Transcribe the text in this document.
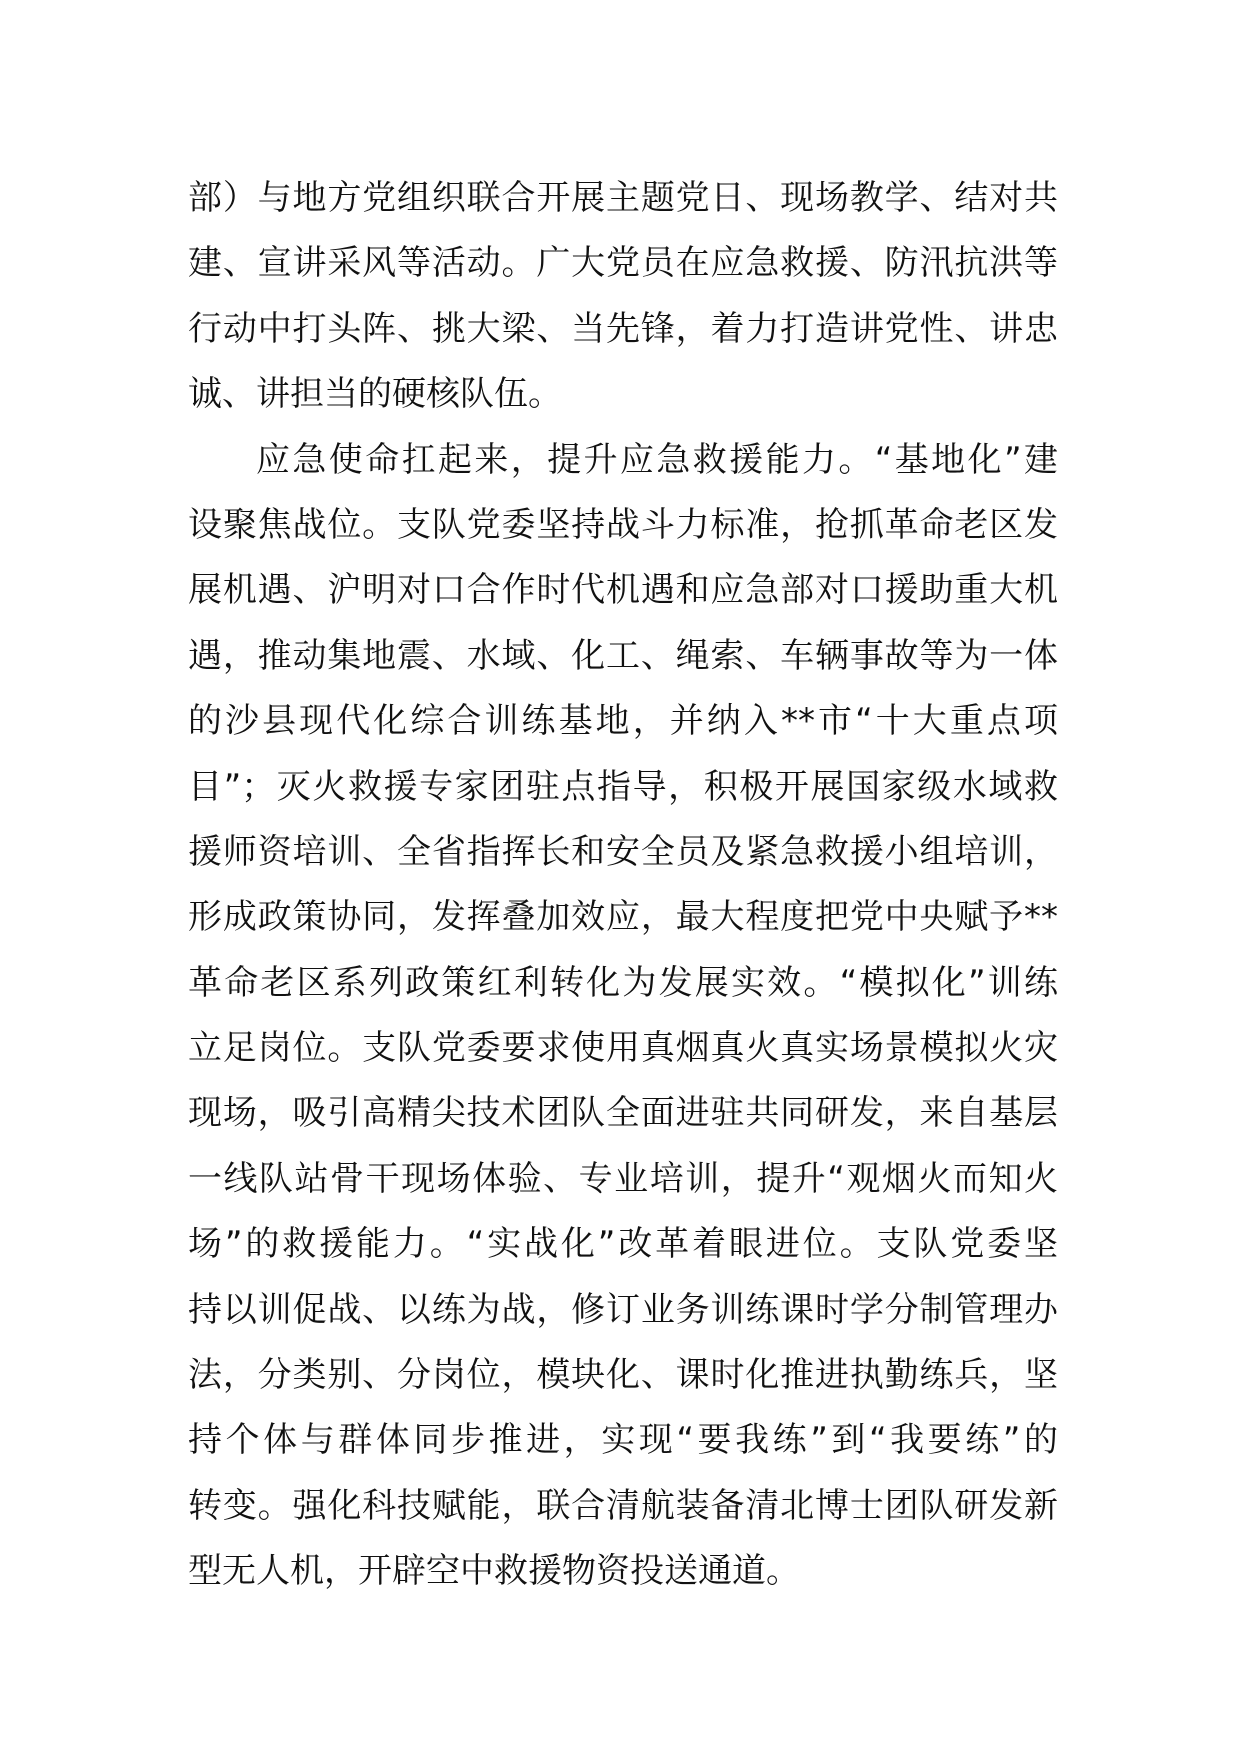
部）与地方党组织联合开展主题党日、现场教学、结对共
建、宣讲采风等活动。广大党员在应急救援、防汛抗洪等
行动中打头阵、挑大梁、当先锋，着力打造讲党性、讲忠
诚、讲担当的硬核队伍。
应急使命扛起来，提升应急救援能力。“基地化”建
设聚焦战位。支队党委坚持战斗力标准，抢抓革命老区发
展机遇、沪明对口合作时代机遇和应急部对口援助重大机
遇，推动集地震、水域、化工、绳索、车辆事故等为一体
的沙县现代化综合训练基地，并纳入**市“十大重点项
目”；灭火救援专家团驻点指导，积极开展国家级水域救
援师资培训、全省指挥长和安全员及紧急救援小组培训，
形成政策协同，发挥叠加效应，最大程度把党中央赋予**
革命老区系列政策红利转化为发展实效。“模拟化”训练
立足岗位。支队党委要求使用真烟真火真实场景模拟火灾
现场，吸引高精尖技术团队全面进驻共同研发，来自基层
一线队站骨干现场体验、专业培训，提升“观烟火而知火
场”的救援能力。“实战化”改革着眼进位。支队党委坚
持以训促战、以练为战，修订业务训练课时学分制管理办
法，分类别、分岗位，模块化、课时化推进执勤练兵，坚
持个体与群体同步推进，实现“要我练”到“我要练”的
转变。强化科技赋能，联合清航装备清北博士团队研发新
型无人机，开辟空中救援物资投送通道。
